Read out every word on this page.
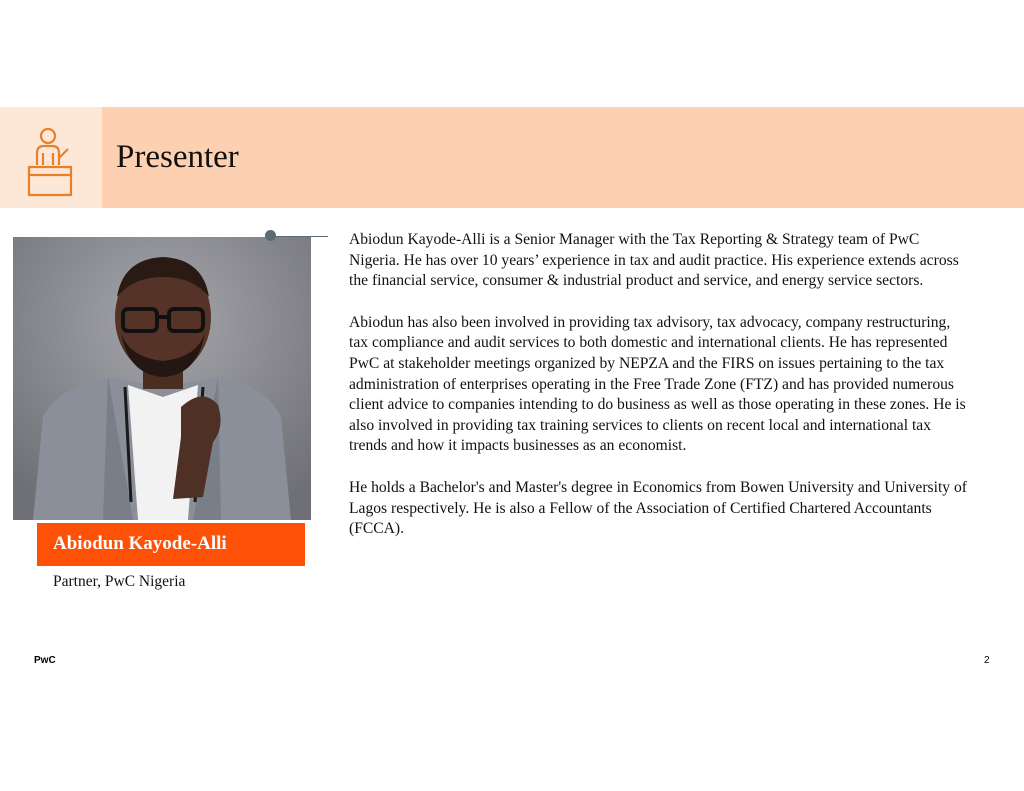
Presenter
Abiodun Kayode-Alli
Partner, PwC Nigeria

Abiodun Kayode-Alli is a Senior Manager with the Tax Reporting & Strategy team of PwC Nigeria. He has over 10 years’ experience in tax and audit practice. His experience extends across the financial service, consumer & industrial product and service, and energy service sectors.

Abiodun has also been involved in providing tax advisory, tax advocacy, company restructuring, tax compliance and audit services to both domestic and international clients. He has represented PwC at stakeholder meetings organized by NEPZA and the FIRS on issues pertaining to the tax administration of enterprises operating in the Free Trade Zone (FTZ) and has provided numerous client advice to companies intending to do business as well as those operating in these zones. He is also involved in providing tax training services to clients on recent local and international tax trends and how it impacts businesses as an economist.

He holds a Bachelor's and Master's degree in Economics from Bowen University and University of Lagos respectively. He is also a Fellow of the Association of Certified Chartered Accountants (FCCA).

PwC	2
